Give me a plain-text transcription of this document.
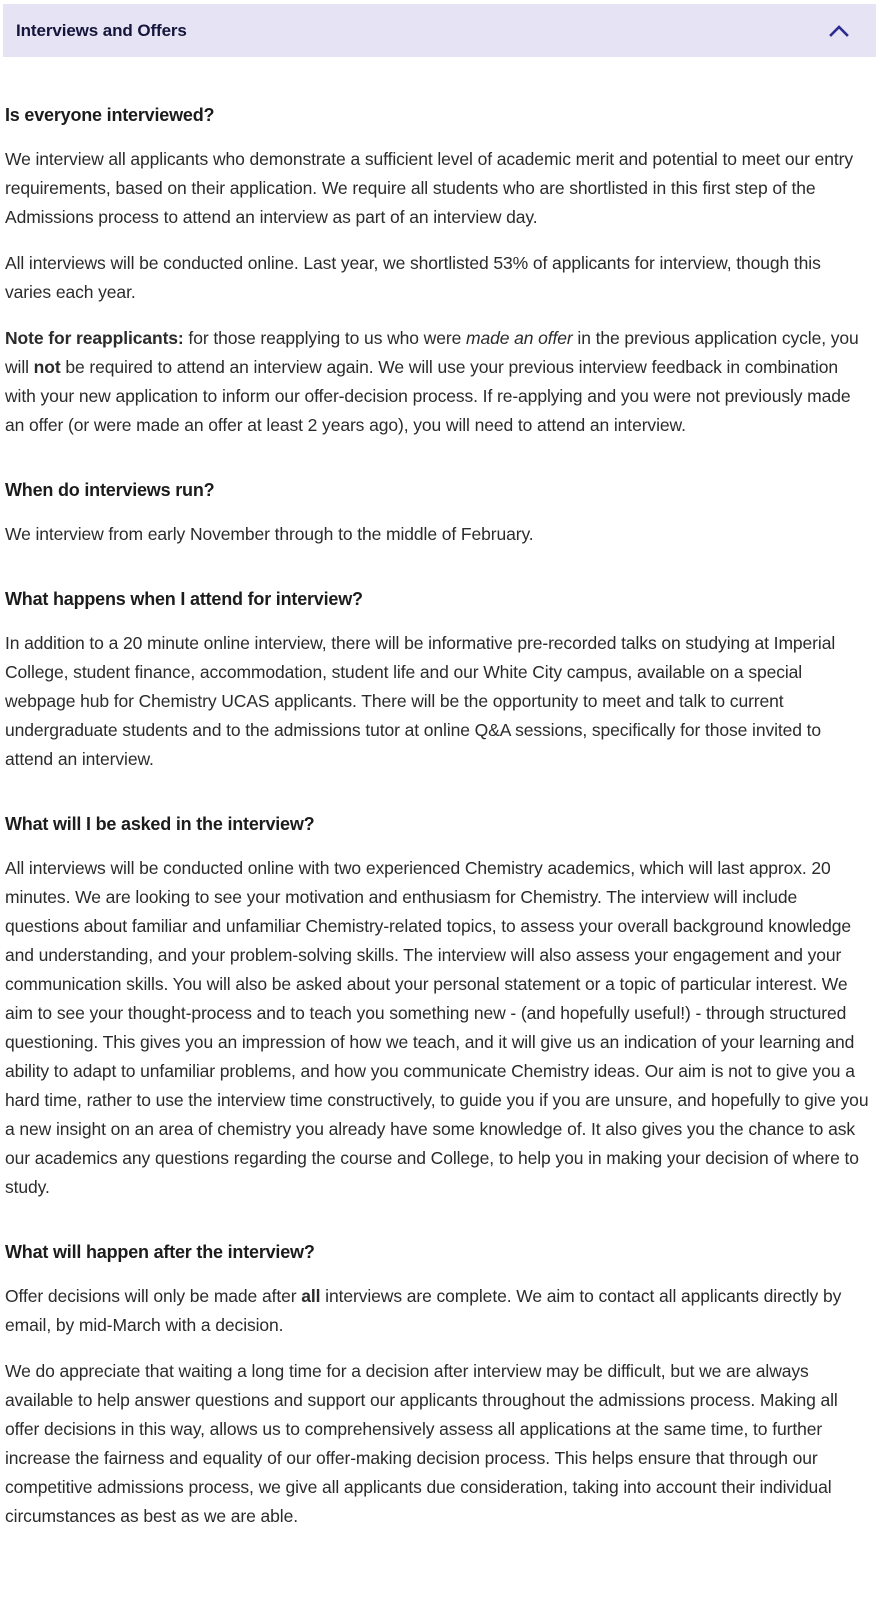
Interviews and Offers
Is everyone interviewed?

We interview all applicants who demonstrate a sufficient level of academic merit and potential to meet our entry requirements, based on their application. We require all students who are shortlisted in this first step of the Admissions process to attend an interview as part of an interview day.

All interviews will be conducted online. Last year, we shortlisted 53% of applicants for interview, though this varies each year.

Note for reapplicants: for those reapplying to us who were made an offer in the previous application cycle, you will not be required to attend an interview again. We will use your previous interview feedback in combination with your new application to inform our offer-decision process. If re-applying and you were not previously made an offer (or were made an offer at least 2 years ago), you will need to attend an interview.

When do interviews run?

We interview from early November through to the middle of February.

What happens when I attend for interview?

In addition to a 20 minute online interview, there will be informative pre-recorded talks on studying at Imperial College, student finance, accommodation, student life and our White City campus, available on a special webpage hub for Chemistry UCAS applicants. There will be the opportunity to meet and talk to current undergraduate students and to the admissions tutor at online Q&A sessions, specifically for those invited to attend an interview.

What will I be asked in the interview?

All interviews will be conducted online with two experienced Chemistry academics, which will last approx. 20 minutes. We are looking to see your motivation and enthusiasm for Chemistry. The interview will include questions about familiar and unfamiliar Chemistry-related topics, to assess your overall background knowledge and understanding, and your problem-solving skills. The interview will also assess your engagement and your communication skills. You will also be asked about your personal statement or a topic of particular interest. We aim to see your thought-process and to teach you something new - (and hopefully useful!) - through structured questioning. This gives you an impression of how we teach, and it will give us an indication of your learning and ability to adapt to unfamiliar problems, and how you communicate Chemistry ideas. Our aim is not to give you a hard time, rather to use the interview time constructively, to guide you if you are unsure, and hopefully to give you a new insight on an area of chemistry you already have some knowledge of. It also gives you the chance to ask our academics any questions regarding the course and College, to help you in making your decision of where to study.

What will happen after the interview?

Offer decisions will only be made after all interviews are complete. We aim to contact all applicants directly by email, by mid-March with a decision.

We do appreciate that waiting a long time for a decision after interview may be difficult, but we are always available to help answer questions and support our applicants throughout the admissions process. Making all offer decisions in this way, allows us to comprehensively assess all applications at the same time, to further increase the fairness and equality of our offer-making decision process. This helps ensure that through our competitive admissions process, we give all applicants due consideration, taking into account their individual circumstances as best as we are able.
